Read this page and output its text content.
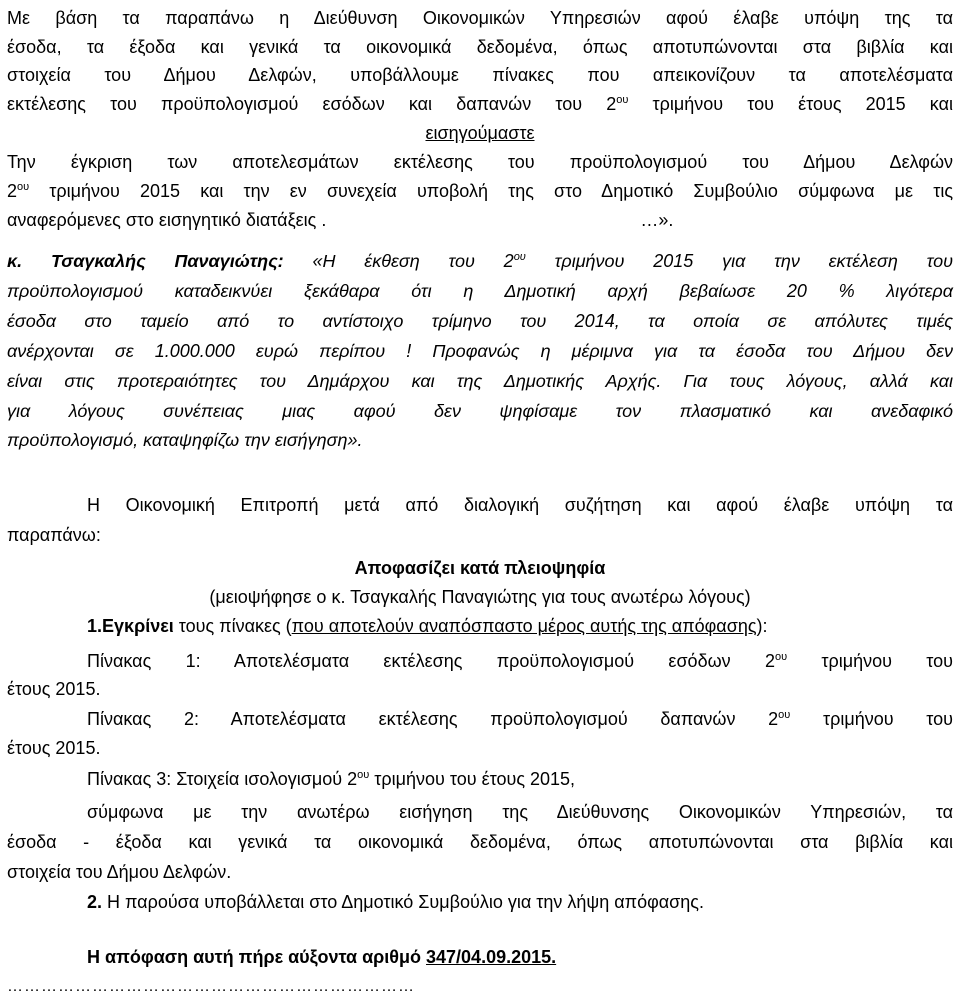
Με βάση τα παραπάνω η Διεύθυνση Οικονομικών Υπηρεσιών αφού έλαβε υπόψη της τα
έσοδα, τα έξοδα και γενικά τα οικονομικά δεδομένα, όπως αποτυπώνονται στα βιβλία και
στοιχεία του Δήμου Δελφών, υποβάλλουμε πίνακες που απεικονίζουν τα αποτελέσματα
εκτέλεσης του προϋπολογισμού εσόδων και δαπανών του $2^{o\upsilon}$ τριμήνου του έτους 2015 και
εισηγούμαστε
Την έγκριση των αποτελεσμάτων εκτέλεσης του προϋπολογισμού του Δήμου Δελφών
$2^{o\upsilon}$ τριμήνου 2015 και την εν συνεχεία υποβολή της στο Δημοτικό Συμβούλιο σύμφωνα με τις
αναφερόμενες στο εισηγητικό διατάξεις .	…».
κ. Τσαγκαλής Παναγιώτης: «Η έκθεση του $2^{o\upsilon}$ τριμήνου 2015 για την εκτέλεση του
προϋπολογισμού καταδεικνύει ξεκάθαρα ότι η Δημοτική αρχή βεβαίωσε 20 % λιγότερα
έσοδα στο ταμείο από το αντίστοιχο τρίμηνο του 2014, τα οποία σε απόλυτες τιμές
ανέρχονται σε 1.000.000 ευρώ περίπου ! Προφανώς η μέριμνα για τα έσοδα του Δήμου δεν
είναι στις προτεραιότητες του Δημάρχου και της Δημοτικής Αρχής. Για τους λόγους, αλλά και
για λόγους συνέπειας μιας αφού δεν ψηφίσαμε τον πλασματικό και ανεδαφικό
προϋπολογισμό, καταψηφίζω την εισήγηση».
Η Οικονομική Επιτροπή μετά από διαλογική συζήτηση και αφού έλαβε υπόψη τα
παραπάνω:
Αποφασίζει κατά πλειοψηφία
(μειοψήφησε ο κ. Τσαγκαλής Παναγιώτης για τους ανωτέρω λόγους)
1.Εγκρίνει τους πίνακες (που αποτελούν αναπόσπαστο μέρος αυτής της απόφασης):
Πίνακας 1: Αποτελέσματα εκτέλεσης προϋπολογισμού εσόδων $2^{o\upsilon}$ τριμήνου του
έτους 2015.
Πίνακας 2: Αποτελέσματα εκτέλεσης προϋπολογισμού δαπανών $2^{o\upsilon}$ τριμήνου του
έτους 2015.
Πίνακας 3: Στοιχεία ισολογισμού $2^{o\upsilon}$ τριμήνου του έτους 2015,
σύμφωνα με την ανωτέρω εισήγηση της Διεύθυνσης Οικονομικών Υπηρεσιών, τα
έσοδα - έξοδα και γενικά τα οικονομικά δεδομένα, όπως αποτυπώνονται στα βιβλία και
στοιχεία του Δήμου Δελφών.
2. Η παρούσα υποβάλλεται στο Δημοτικό Συμβούλιο για την λήψη απόφασης.
Η απόφαση αυτή πήρε αύξοντα αριθμό 347/04.09.2015.
………………………………………………………………
